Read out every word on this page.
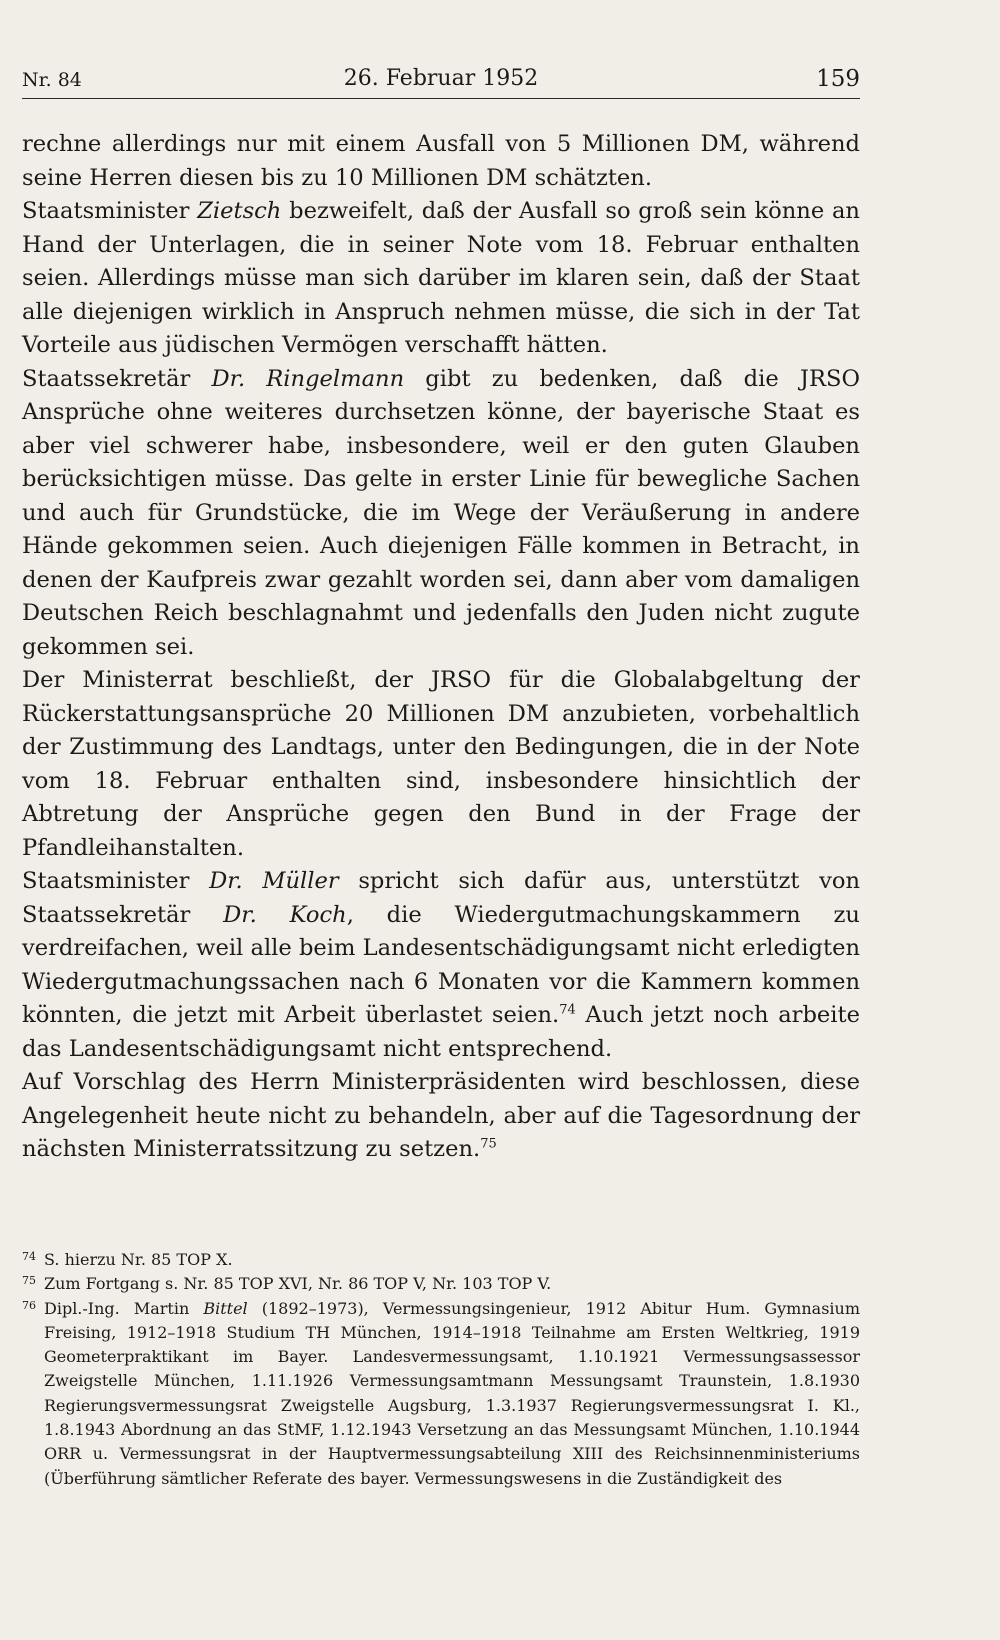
Nr. 84	26. Februar 1952	159

rechne allerdings nur mit einem Ausfall von 5 Millionen DM, während seine Herren diesen bis zu 10 Millionen DM schätzten.

Staatsminister Zietsch bezweifelt, daß der Ausfall so groß sein könne an Hand der Unterlagen, die in seiner Note vom 18. Februar enthalten seien. Allerdings müsse man sich darüber im klaren sein, daß der Staat alle diejenigen wirklich in Anspruch nehmen müsse, die sich in der Tat Vorteile aus jüdischen Vermögen verschafft hätten.

Staatssekretär Dr. Ringelmann gibt zu bedenken, daß die JRSO Ansprüche ohne weiteres durchsetzen könne, der bayerische Staat es aber viel schwerer habe, insbesondere, weil er den guten Glauben berücksichtigen müsse. Das gelte in erster Linie für bewegliche Sachen und auch für Grundstücke, die im Wege der Veräußerung in andere Hände gekommen seien. Auch diejenigen Fälle kommen in Betracht, in denen der Kaufpreis zwar gezahlt worden sei, dann aber vom damaligen Deutschen Reich beschlagnahmt und jedenfalls den Juden nicht zugute gekommen sei.

Der Ministerrat beschließt, der JRSO für die Globalabgeltung der Rückerstattungsansprüche 20 Millionen DM anzubieten, vorbehaltlich der Zustimmung des Landtags, unter den Bedingungen, die in der Note vom 18. Februar enthalten sind, insbesondere hinsichtlich der Abtretung der Ansprüche gegen den Bund in der Frage der Pfandleihanstalten.

Staatsminister Dr. Müller spricht sich dafür aus, unterstützt von Staatssekretär Dr. Koch, die Wiedergutmachungskammern zu verdreifachen, weil alle beim Landesentschädigungsamt nicht erledigten Wiedergutmachungssachen nach 6 Monaten vor die Kammern kommen könnten, die jetzt mit Arbeit überlastet seien.$^{74}$ Auch jetzt noch arbeite das Landesentschädigungsamt nicht entsprechend.

Auf Vorschlag des Herrn Ministerpräsidenten wird beschlossen, diese Angelegenheit heute nicht zu behandeln, aber auf die Tagesordnung der nächsten Ministerratssitzung zu setzen.$^{75}$

74 S. hierzu Nr. 85 TOP X.

75 Zum Fortgang s. Nr. 85 TOP XVI, Nr. 86 TOP V, Nr. 103 TOP V.

76 Dipl.-Ing. Martin Bittel (1892–1973), Vermessungsingenieur, 1912 Abitur Hum. Gymnasium Freising, 1912–1918 Studium TH München, 1914–1918 Teilnahme am Ersten Weltkrieg, 1919 Geometerpraktikant im Bayer. Landesvermessungsamt, 1.10.1921 Vermessungsassessor Zweigstelle München, 1.11.1926 Vermessungsamtmann Messungsamt Traunstein, 1.8.1930 Regierungsvermessungsrat Zweigstelle Augsburg, 1.3.1937 Regierungsvermessungsrat I. Kl., 1.8.1943 Abordnung an das StMF, 1.12.1943 Versetzung an das Messungsamt München, 1.10.1944 ORR u. Vermessungsrat in der Hauptvermessungsabteilung XIII des Reichsinnenministeriums (Überführung sämtlicher Referate des bayer. Vermessungswesens in die Zuständigkeit des
